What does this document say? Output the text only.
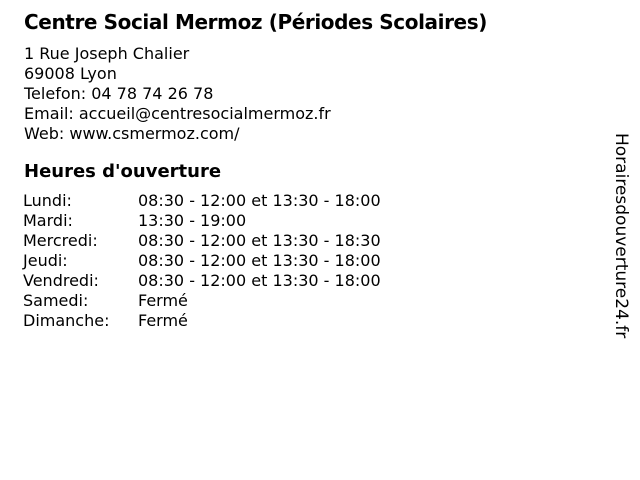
Centre Social Mermoz (Périodes Scolaires)
1 Rue Joseph Chalier
69008 Lyon
Telefon: 04 78 74 26 78
Email: accueil@centresocialmermoz.fr
Web: www.csmermoz.com/
Heures d'ouverture
Lundi:	08:30 - 12:00 et 13:30 - 18:00
Mardi:	13:30 - 19:00
Mercredi:	08:30 - 12:00 et 13:30 - 18:30
Jeudi:	08:30 - 12:00 et 13:30 - 18:00
Vendredi:	08:30 - 12:00 et 13:30 - 18:00
Samedi:	Fermé
Dimanche:	Fermé	Horairesdouverture24.fr
